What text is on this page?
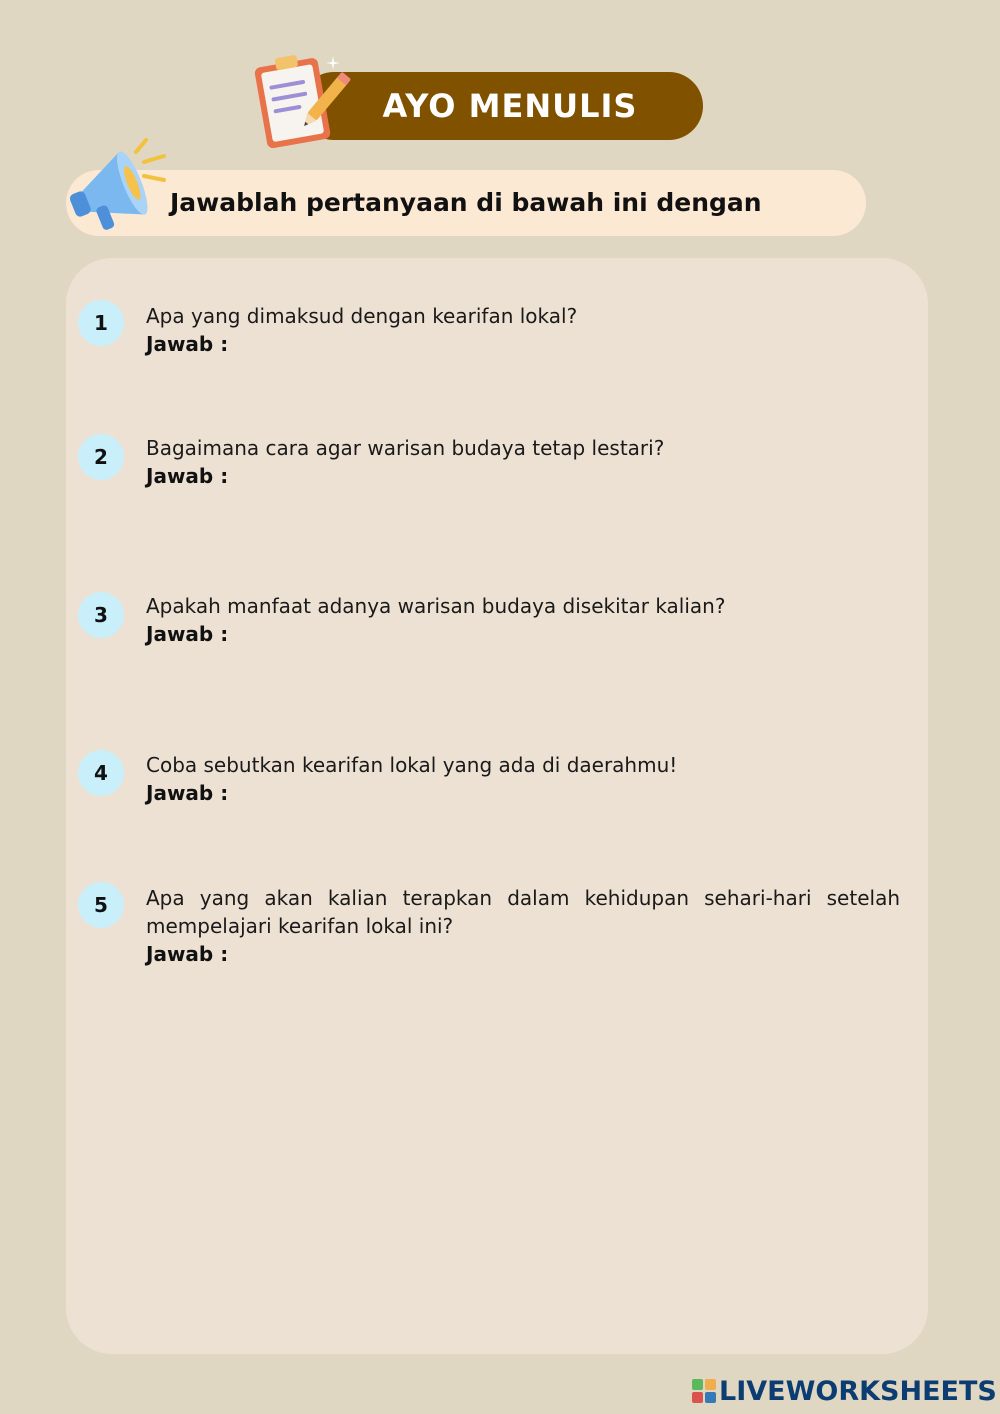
AYO MENULIS
Jawablah pertanyaan di bawah ini dengan
1	Apa yang dimaksud dengan kearifan lokal?

Jawab :
2	Bagaimana cara agar warisan budaya tetap lestari?

Jawab :
3	Apakah manfaat adanya warisan budaya disekitar kalian?

Jawab :
4	Coba sebutkan kearifan lokal yang ada di daerahmu!

Jawab :
5	Apa yang akan kalian terapkan dalam kehidupan sehari-hari setelah mempelajari kearifan lokal ini?

Jawab :
LIVEWORKSHEETS
